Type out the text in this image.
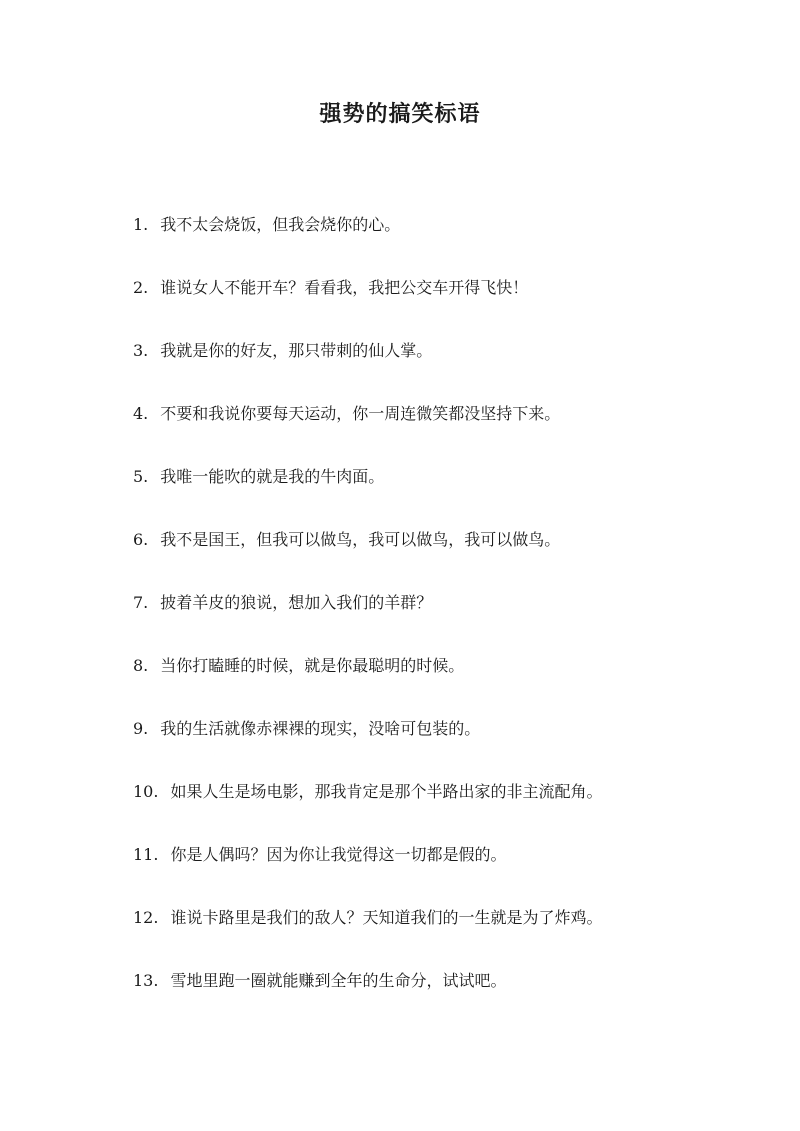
强势的搞笑标语
1. 我不太会烧饭，但我会烧你的心。
2. 谁说女人不能开车？看看我，我把公交车开得飞快！
3. 我就是你的好友，那只带刺的仙人掌。
4. 不要和我说你要每天运动，你一周连微笑都没坚持下来。
5. 我唯一能吹的就是我的牛肉面。
6. 我不是国王，但我可以做鸟，我可以做鸟，我可以做鸟。
7. 披着羊皮的狼说，想加入我们的羊群？
8. 当你打瞌睡的时候，就是你最聪明的时候。
9. 我的生活就像赤裸裸的现实，没啥可包装的。
10. 如果人生是场电影，那我肯定是那个半路出家的非主流配角。
11. 你是人偶吗？因为你让我觉得这一切都是假的。
12. 谁说卡路里是我们的敌人？天知道我们的一生就是为了炸鸡。
13. 雪地里跑一圈就能赚到全年的生命分，试试吧。
